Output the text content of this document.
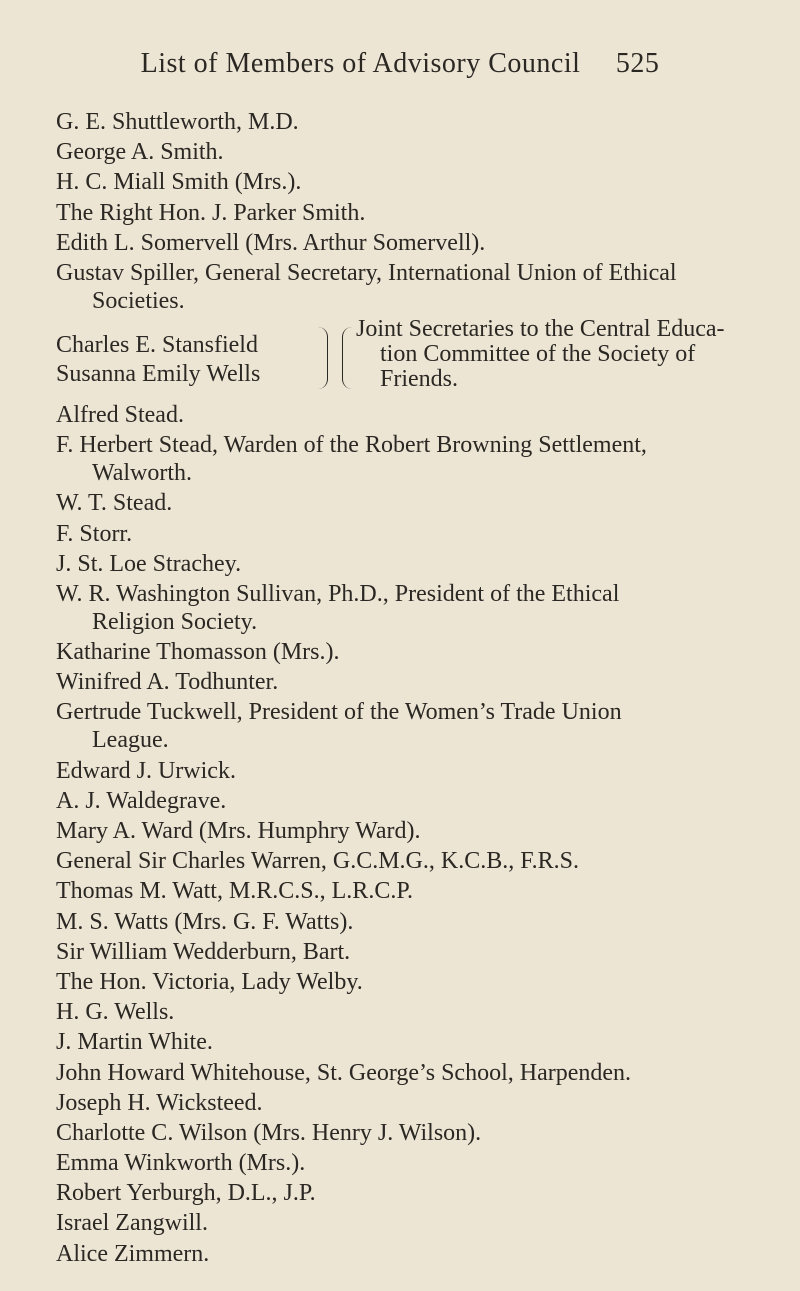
List of Members of Advisory Council 525
G. E. Shuttleworth, M.D.
George A. Smith.
H. C. Miall Smith (Mrs.).
The Right Hon. J. Parker Smith.
Edith L. Somervell (Mrs. Arthur Somervell).
Gustav Spiller, General Secretary, International Union of Ethical
Societies.
Charles E. Stansfield
Susanna Emily Wells
Joint Secretaries to the Central Educa-
tion Committee of the Society of
Friends.
Alfred Stead.
F. Herbert Stead, Warden of the Robert Browning Settlement,
Walworth.
W. T. Stead.
F. Storr.
J. St. Loe Strachey.
W. R. Washington Sullivan, Ph.D., President of the Ethical
Religion Society.
Katharine Thomasson (Mrs.).
Winifred A. Todhunter.
Gertrude Tuckwell, President of the Women’s Trade Union
League.
Edward J. Urwick.
A. J. Waldegrave.
Mary A. Ward (Mrs. Humphry Ward).
General Sir Charles Warren, G.C.M.G., K.C.B., F.R.S.
Thomas M. Watt, M.R.C.S., L.R.C.P.
M. S. Watts (Mrs. G. F. Watts).
Sir William Wedderburn, Bart.
The Hon. Victoria, Lady Welby.
H. G. Wells.
J. Martin White.
John Howard Whitehouse, St. George’s School, Harpenden.
Joseph H. Wicksteed.
Charlotte C. Wilson (Mrs. Henry J. Wilson).
Emma Winkworth (Mrs.).
Robert Yerburgh, D.L., J.P.
Israel Zangwill.
Alice Zimmern.
